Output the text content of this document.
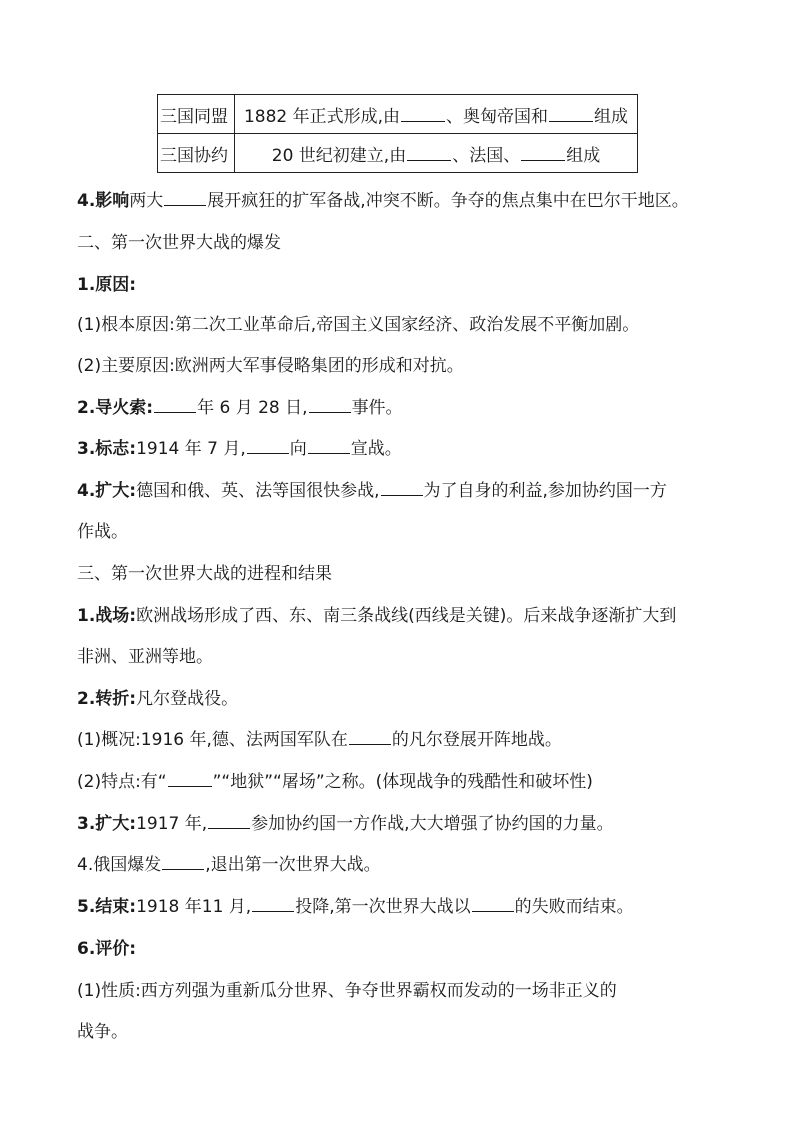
三国同盟	1882 年正式形成,由 、奥匈帝国和 组成
三国协约	20 世纪初建立,由 、法国、 组成
4.影响两大	展开疯狂的扩军备战,冲突不断。争夺的焦点集中在巴尔干地区。
二、第一次世界大战的爆发
1.原因:
(1)根本原因:第二次工业革命后,帝国主义国家经济、政治发展不平衡加剧。
(2)主要原因:欧洲两大军事侵略集团的形成和对抗。
2.导火索:	年 6 月 28 日,	事件。
3.标志:1914 年 7 月,	向	宣战。
4.扩大:德国和俄、英、法等国很快参战,	为了自身的利益,参加协约国一方
作战。
三、第一次世界大战的进程和结果
1.战场:欧洲战场形成了西、东、南三条战线(西线是关键)。后来战争逐渐扩大到
非洲、亚洲等地。
2.转折:凡尔登战役。
(1)概况:1916 年,德、法两国军队在	的凡尔登展开阵地战。
(2)特点:有“	”“地狱”“屠场”之称。(体现战争的残酷性和破坏性)
3.扩大:1917 年,	参加协约国一方作战,大大增强了协约国的力量。
4.俄国爆发	,退出第一次世界大战。
5.结束:1918 年11 月,	投降,第一次世界大战以	的失败而结束。
6.评价:
(1)性质:西方列强为重新瓜分世界、争夺世界霸权而发动的一场非正义的
战争。
